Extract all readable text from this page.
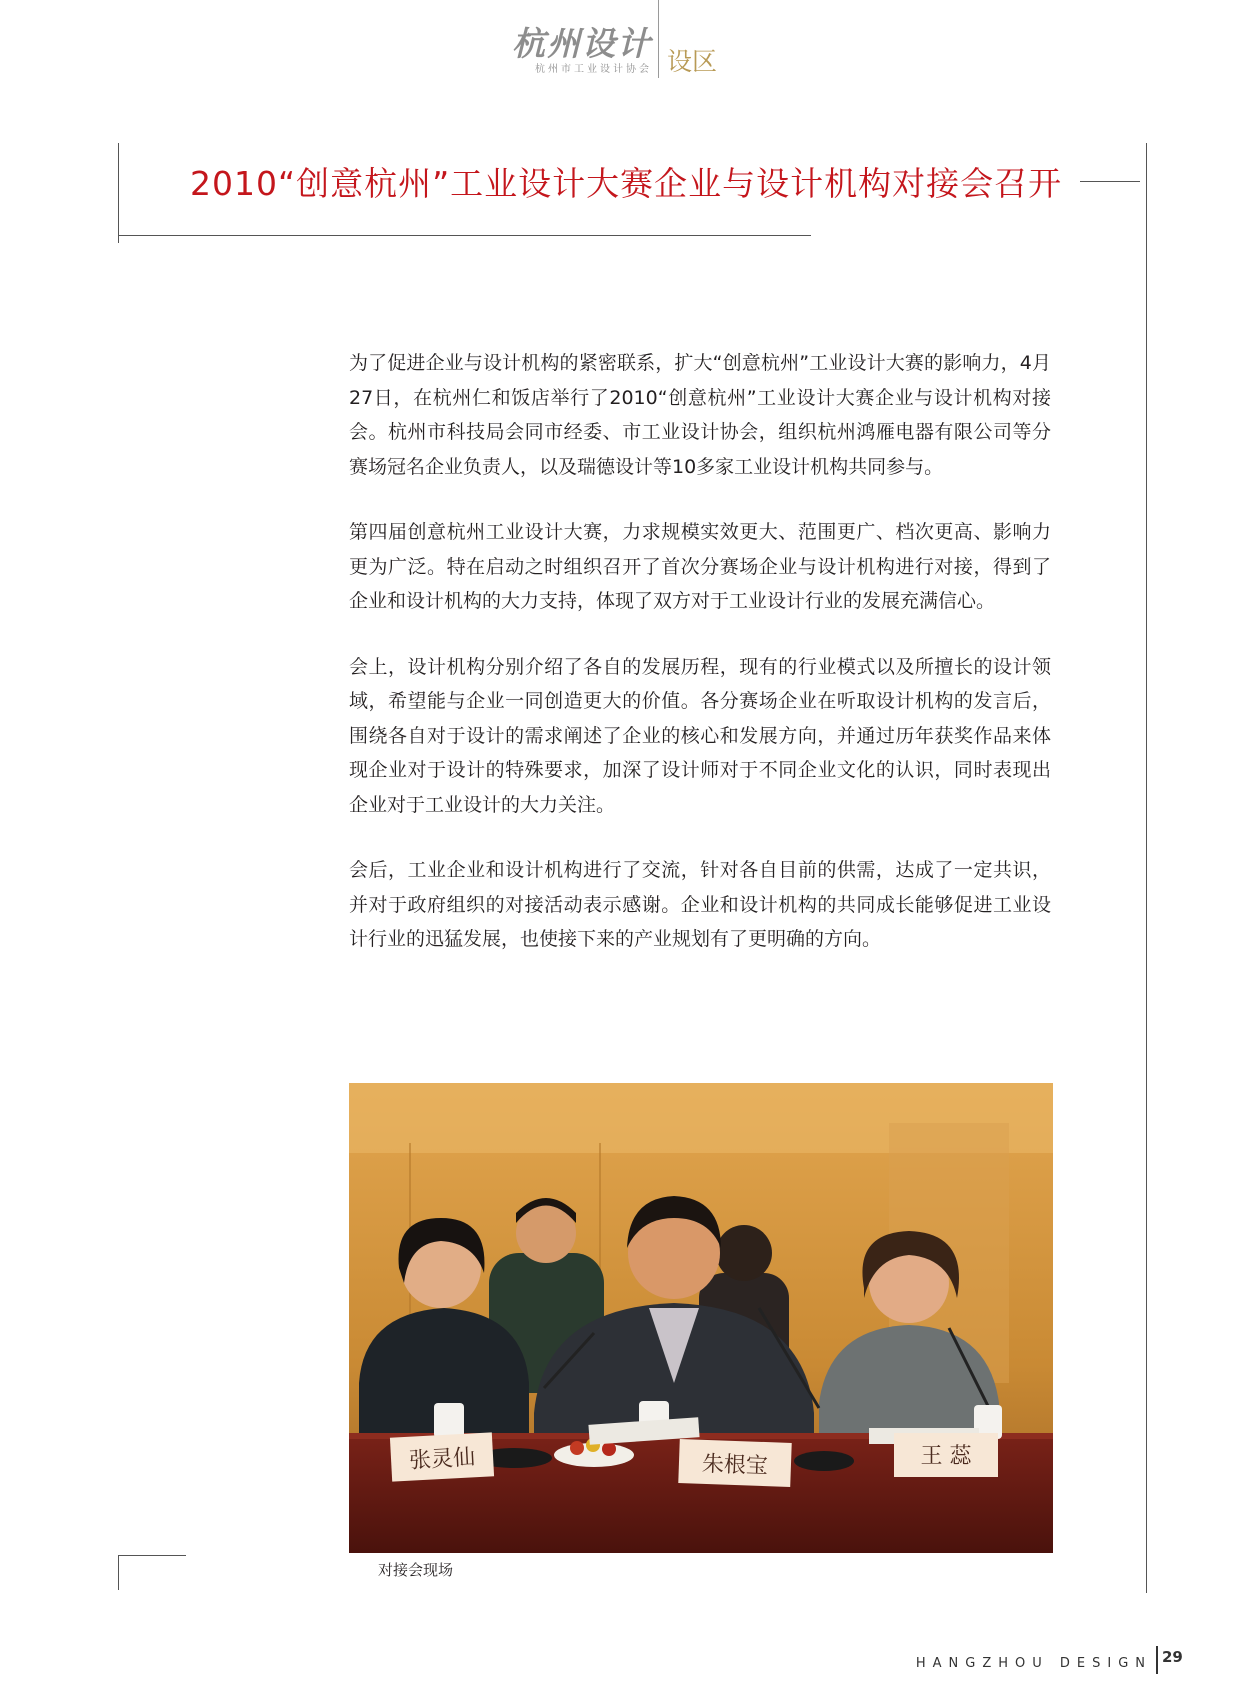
杭州设计
杭州市工业设计协会 设区
2010“创意杭州”工业设计大赛企业与设计机构对接会召开

为了促进企业与设计机构的紧密联系，扩大“创意杭州”工业设计大赛的影响力，4月27日，在杭州仁和饭店举行了2010“创意杭州”工业设计大赛企业与设计机构对接会。杭州市科技局会同市经委、市工业设计协会，组织杭州鸿雁电器有限公司等分赛场冠名企业负责人，以及瑞德设计等10多家工业设计机构共同参与。

第四届创意杭州工业设计大赛，力求规模实效更大、范围更广、档次更高、影响力更为广泛。特在启动之时组织召开了首次分赛场企业与设计机构进行对接，得到了企业和设计机构的大力支持，体现了双方对于工业设计行业的发展充满信心。

会上，设计机构分别介绍了各自的发展历程，现有的行业模式以及所擅长的设计领域，希望能与企业一同创造更大的价值。各分赛场企业在听取设计机构的发言后，围绕各自对于设计的需求阐述了企业的核心和发展方向，并通过历年获奖作品来体现企业对于设计的特殊要求，加深了设计师对于不同企业文化的认识，同时表现出企业对于工业设计的大力关注。

会后，工业企业和设计机构进行了交流，针对各自目前的供需，达成了一定共识，并对于政府组织的对接活动表示感谢。企业和设计机构的共同成长能够促进工业设计行业的迅猛发展，也使接下来的产业规划有了更明确的方向。

张灵仙	朱根宝	王 蕊
对接会现场
HANGZHOU DESIGN 29
